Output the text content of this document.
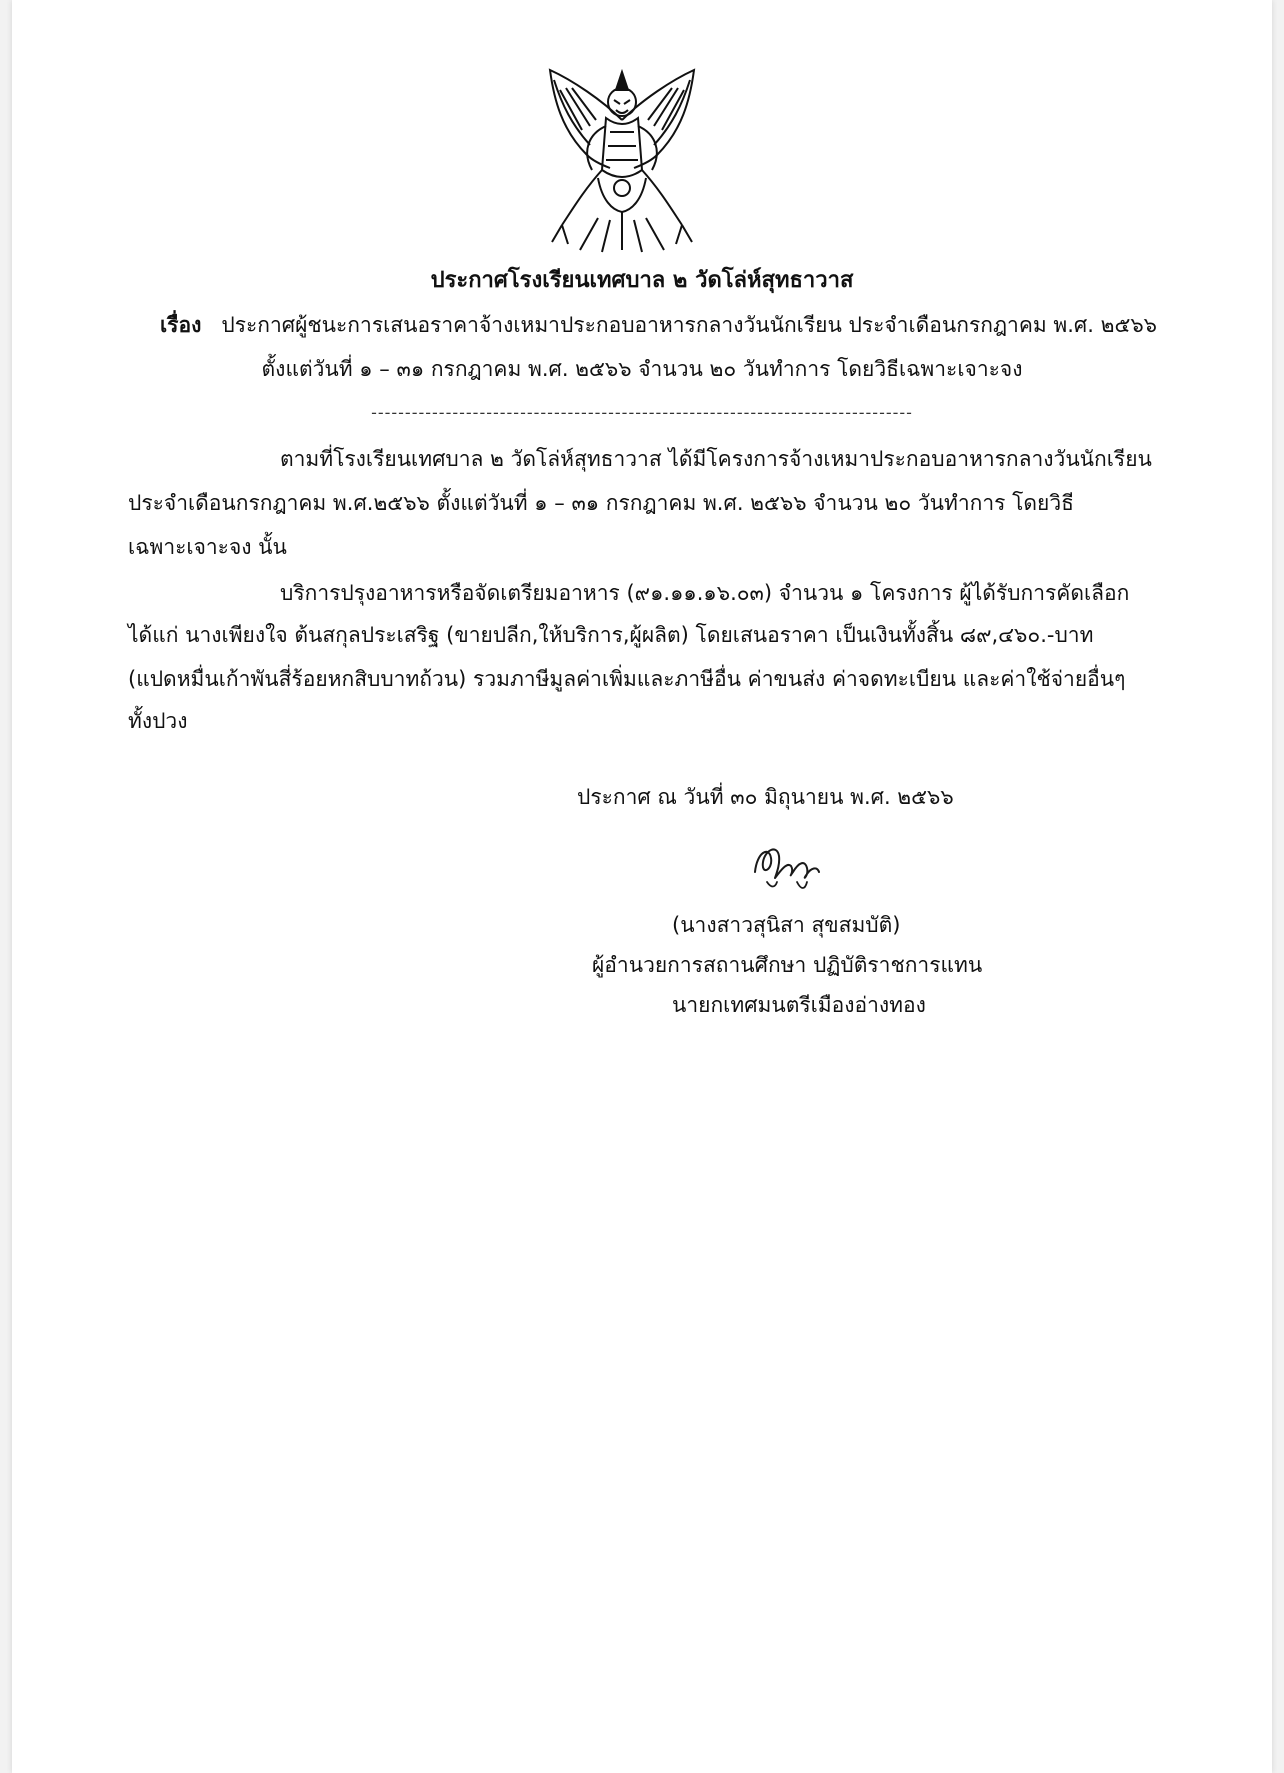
ประกาศโรงเรียนเทศบาล ๒ วัดโล่ห์สุทธาวาส
เรื่อง ประกาศผู้ชนะการเสนอราคาจ้างเหมาประกอบอาหารกลางวันนักเรียน ประจำเดือนกรกฎาคม พ.ศ. ๒๕๖๖
ตั้งแต่วันที่ ๑ – ๓๑ กรกฎาคม พ.ศ. ๒๕๖๖ จำนวน ๒๐ วันทำการ โดยวิธีเฉพาะเจาะจง
--------------------------------------------------------------------------------
ตามที่โรงเรียนเทศบาล ๒ วัดโล่ห์สุทธาวาส ได้มีโครงการจ้างเหมาประกอบอาหารกลางวันนักเรียน
ประจำเดือนกรกฎาคม พ.ศ.๒๕๖๖ ตั้งแต่วันที่ ๑ – ๓๑ กรกฎาคม พ.ศ. ๒๕๖๖ จำนวน ๒๐ วันทำการ โดยวิธี
เฉพาะเจาะจง นั้น
บริการปรุงอาหารหรือจัดเตรียมอาหาร (๙๑.๑๑.๑๖.๐๓) จำนวน ๑ โครงการ ผู้ได้รับการคัดเลือก
ได้แก่ นางเพียงใจ ต้นสกุลประเสริฐ (ขายปลีก,ให้บริการ,ผู้ผลิต) โดยเสนอราคา เป็นเงินทั้งสิ้น ๘๙,๔๖๐.-บาท
(แปดหมื่นเก้าพันสี่ร้อยหกสิบบาทถ้วน) รวมภาษีมูลค่าเพิ่มและภาษีอื่น ค่าขนส่ง ค่าจดทะเบียน และค่าใช้จ่ายอื่นๆ
ทั้งปวง
ประกาศ ณ วันที่ ๓๐ มิถุนายน พ.ศ. ๒๕๖๖
(นางสาวสุนิสา สุขสมบัติ)
ผู้อำนวยการสถานศึกษา ปฏิบัติราชการแทน
นายกเทศมนตรีเมืองอ่างทอง
